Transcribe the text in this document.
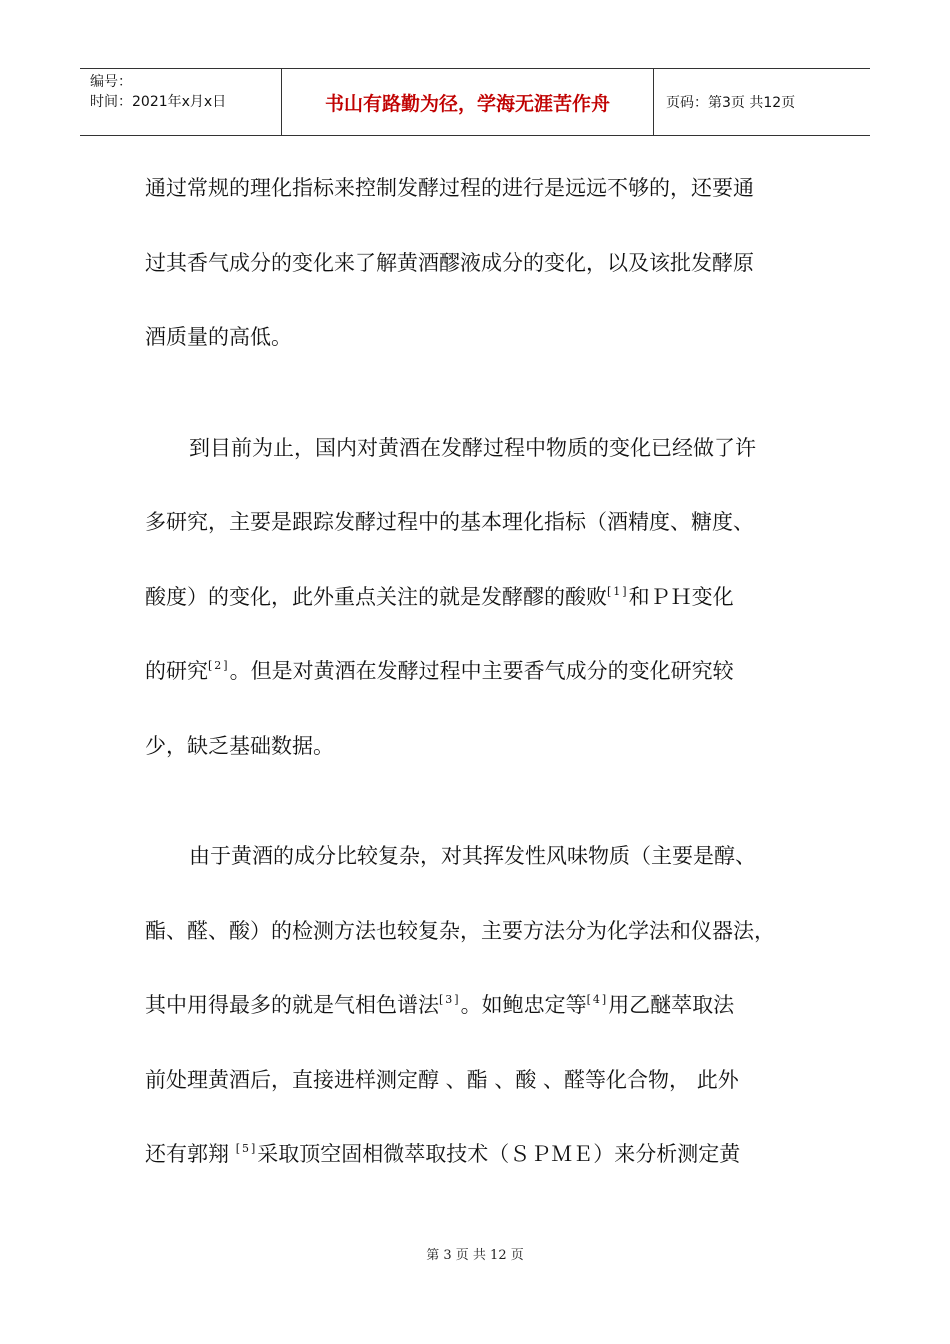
编号：
时间：2021年x月x日	书山有路勤为径，学海无涯苦作舟	页码：第3页 共12页
通过常规的理化指标来控制发酵过程的进行是远远不够的，还要通
过其香气成分的变化来了解黄酒醪液成分的变化，以及该批发酵原
酒质量的高低。
到目前为止，国内对黄酒在发酵过程中物质的变化已经做了许
多研究，主要是跟踪发酵过程中的基本理化指标（酒精度、糖度、
酸度）的变化，此外重点关注的就是发酵醪的酸败[1]和ＰＨ变化
的研究[2]。但是对黄酒在发酵过程中主要香气成分的变化研究较
少，缺乏基础数据。
由于黄酒的成分比较复杂，对其挥发性风味物质（主要是醇、
酯、醛、酸）的检测方法也较复杂，主要方法分为化学法和仪器法，
其中用得最多的就是气相色谱法[3]。如鲍忠定等[4]用乙醚萃取法
前处理黄酒后，直接进样测定醇 、酯 、酸 、醛等化合物， 此外
还有郭翔 [5]采取顶空固相微萃取技术（ＳＰＭＥ）来分析测定黄
第 3 页 共 12 页
